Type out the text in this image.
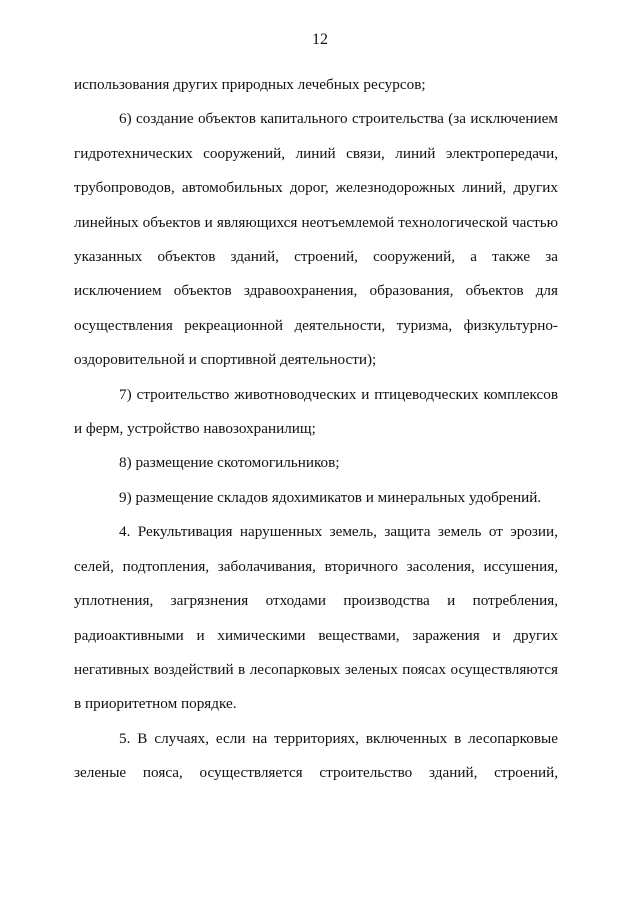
12

использования других природных лечебных ресурсов;

6) создание объектов капитального строительства (за исключением гидротехнических сооружений, линий связи, линий электропередачи, трубопроводов, автомобильных дорог, железнодорожных линий, других линейных объектов и являющихся неотъемлемой технологической частью указанных объектов зданий, строений, сооружений, а также за исключением объектов здравоохранения, образования, объектов для осуществления рекреационной деятельности, туризма, физкультурно-оздоровительной и спортивной деятельности);

7) строительство животноводческих и птицеводческих комплексов и ферм, устройство навозохранилищ;

8) размещение скотомогильников;

9) размещение складов ядохимикатов и минеральных удобрений.

4. Рекультивация нарушенных земель, защита земель от эрозии, селей, подтопления, заболачивания, вторичного засоления, иссушения, уплотнения, загрязнения отходами производства и потребления, радиоактивными и химическими веществами, заражения и других негативных воздействий в лесопарковых зеленых поясах осуществляются в приоритетном порядке.

5. В случаях, если на территориях, включенных в лесопарковые зеленые пояса, осуществляется строительство зданий, строений,
